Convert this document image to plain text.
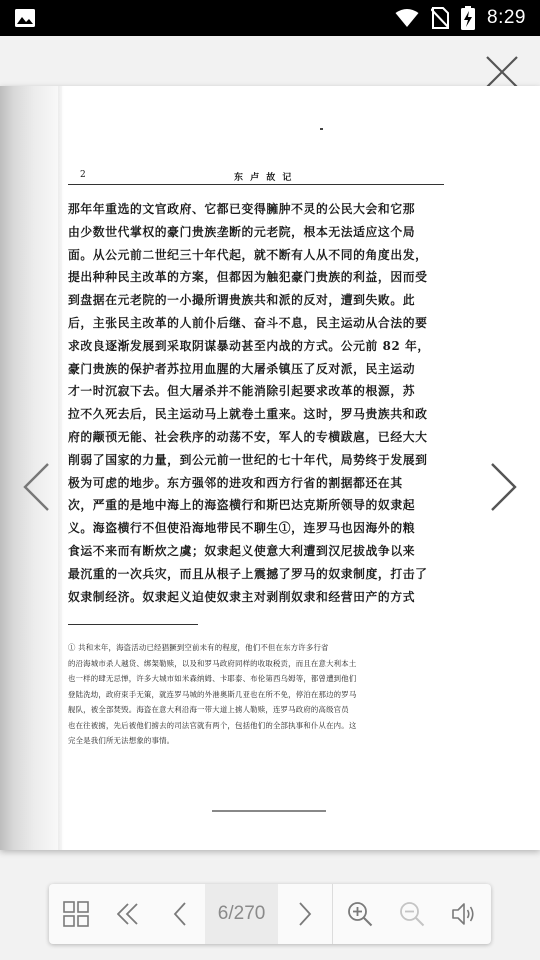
8:29
2	东 卢 故 记
那年年重选的文官政府、它都已变得臃肿不灵的公民大会和它那
由少数世代掌权的豪门贵族垄断的元老院，根本无法适应这个局
面。从公元前二世纪三十年代起，就不断有人从不同的角度出发，
提出种种民主改革的方案，但都因为触犯豪门贵族的利益，因而受
到盘据在元老院的一小撮所谓贵族共和派的反对，遭到失败。此
后，主张民主改革的人前仆后继、奋斗不息，民主运动从合法的要
求改良逐渐发展到采取阴谋暴动甚至内战的方式。公元前 82 年，
豪门贵族的保护者苏拉用血腥的大屠杀镇压了反对派，民主运动
才一时沉寂下去。但大屠杀并不能消除引起要求改革的根源，苏
拉不久死去后，民主运动马上就卷土重来。这时，罗马贵族共和政
府的颟顸无能、社会秩序的动荡不安，军人的专横跋扈，已经大大
削弱了国家的力量，到公元前一世纪的七十年代，局势终于发展到
极为可虑的地步。东方强邻的进攻和西方行省的割据都还在其
次，严重的是地中海上的海盗横行和斯巴达克斯所领导的奴隶起
义。海盗横行不但使沿海地带民不聊生①，连罗马也因海外的粮
食运不来而有断炊之虞；奴隶起义使意大利遭到汉尼拔战争以来
最沉重的一次兵灾，而且从根子上震撼了罗马的奴隶制度，打击了
奴隶制经济。奴隶起义迫使奴隶主对剥削奴隶和经营田产的方式
① 共和末年，海盗活动已经猖獗到空前未有的程度，他们不但在东方许多行省
的沿海城市杀人越货、绑架勒赎，以及和罗马政府同样的收取税贡，而且在意大利本土
也一样的肆无忌惮，许多大城市如米森纳姆、卡耶泰、布伦第西乌姆等，都曾遭到他们
登陆洗劫，政府束手无策，就连罗马城的外港奥斯几亚也在所不免，停泊在那边的罗马
舰队，被全部焚毁。海盗在意大利沿海一带大道上掳人勒赎，连罗马政府的高级官员
也在往被掳，先后被他们掳去的司法官就有两个，包括他们的全部执事和仆从在内。这
完全是我们所无法想象的事情。
6/270
